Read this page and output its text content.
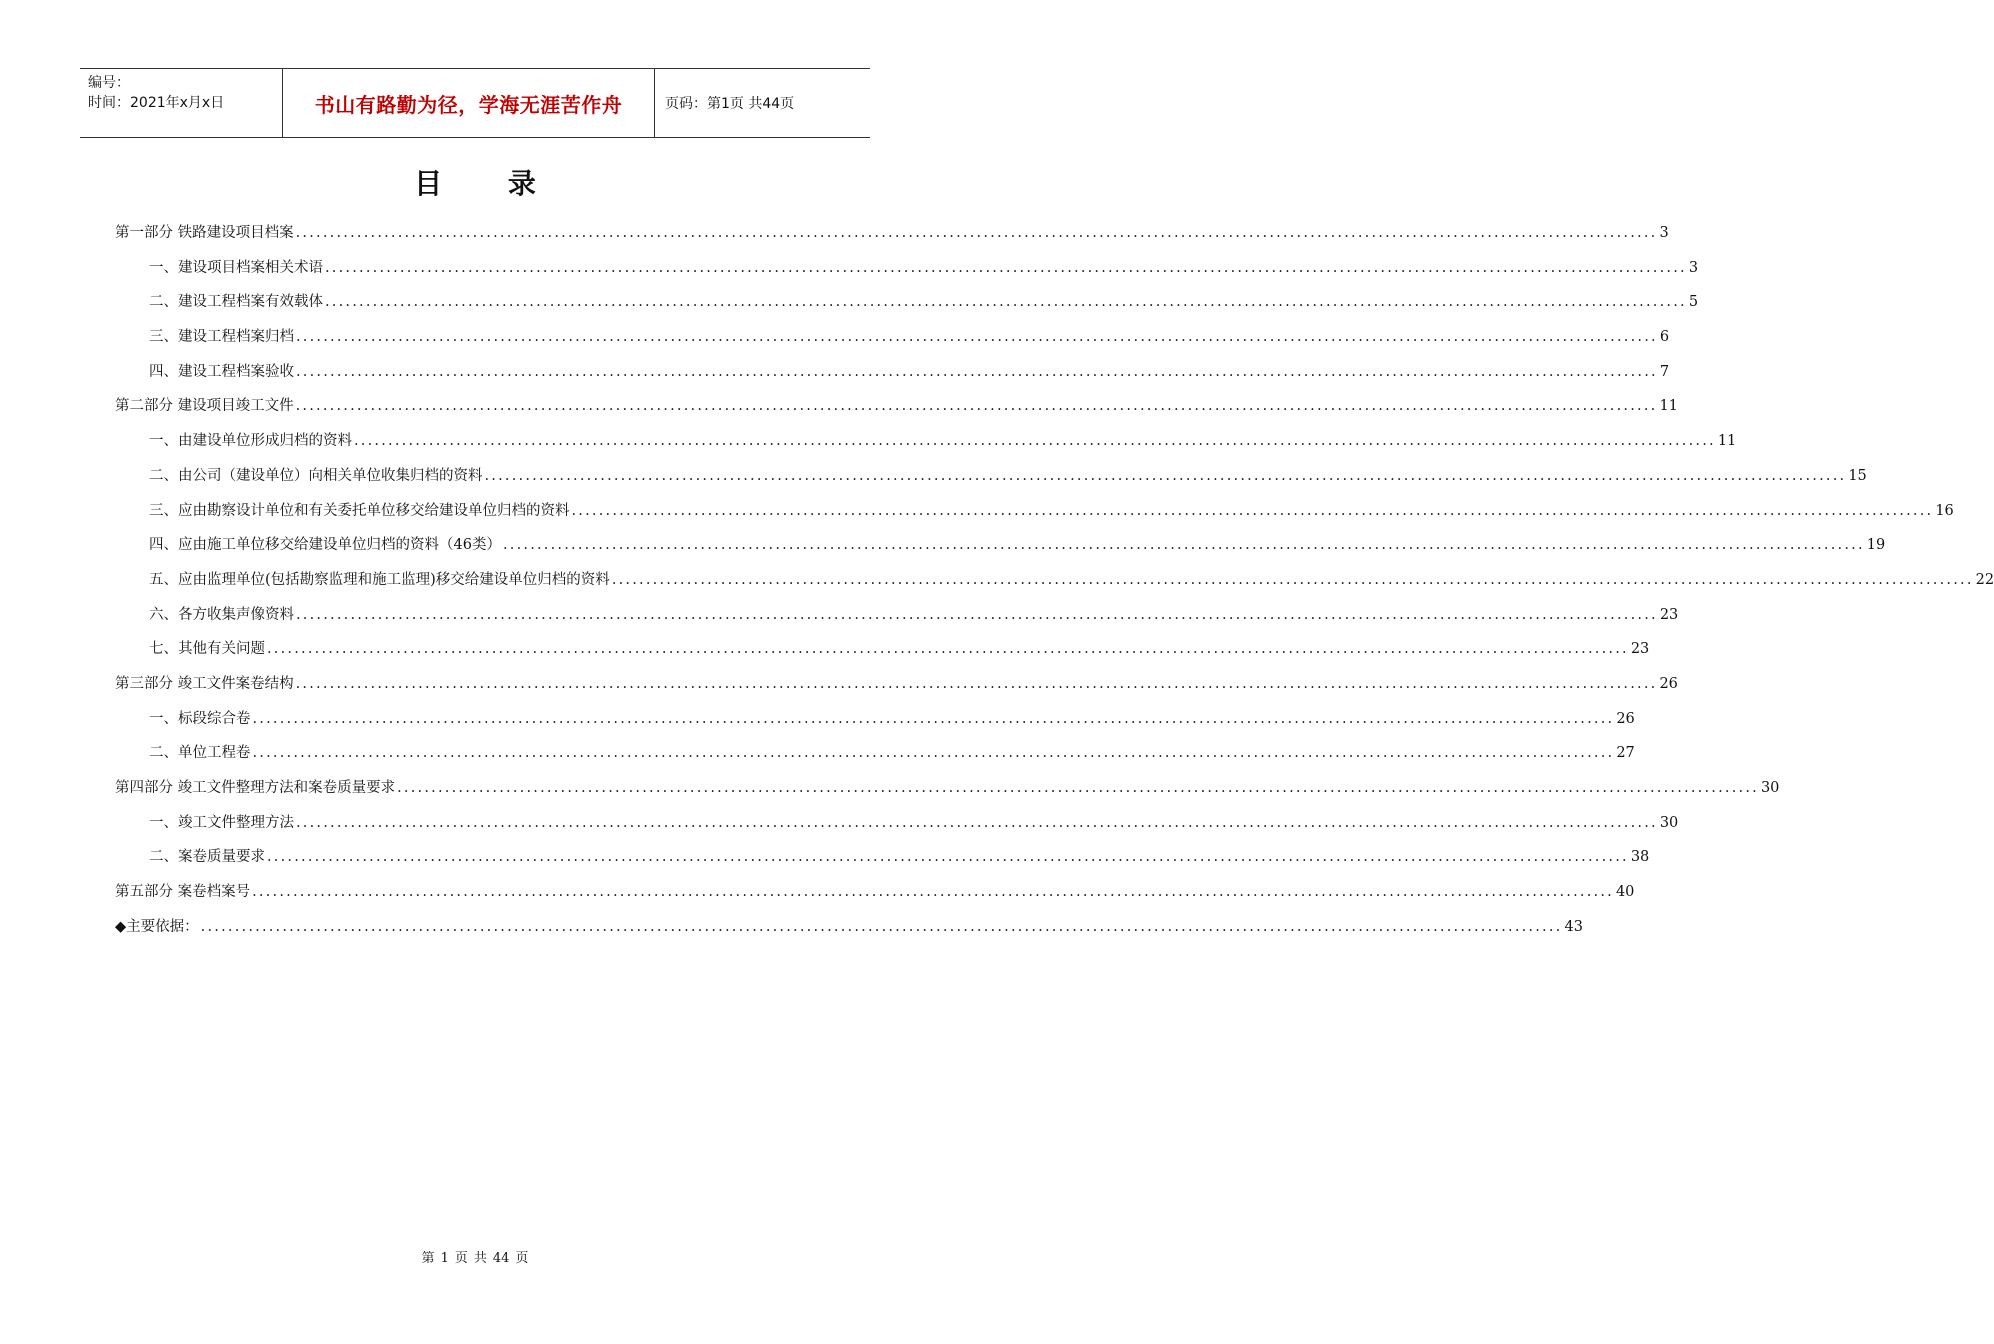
编号：
时间：2021年x月x日	书山有路勤为径，学海无涯苦作舟	页码：第1页 共44页
目 录
第一部分 铁路建设项目档案 ........................................................................................................................................................................................................ 3
一、建设项目档案相关术语 ........................................................................................................................................................................................................ 3
二、建设工程档案有效载体 ........................................................................................................................................................................................................ 5
三、建设工程档案归档 ........................................................................................................................................................................................................ 6
四、建设工程档案验收 ........................................................................................................................................................................................................ 7
第二部分 建设项目竣工文件 ........................................................................................................................................................................................................ 11
一、由建设单位形成归档的资料 ........................................................................................................................................................................................................ 11
二、由公司（建设单位）向相关单位收集归档的资料 ........................................................................................................................................................................................................ 15
三、应由勘察设计单位和有关委托单位移交给建设单位归档的资料 ........................................................................................................................................................................................................ 16
四、应由施工单位移交给建设单位归档的资料（46类） ........................................................................................................................................................................................................ 19
五、应由监理单位(包括勘察监理和施工监理)移交给建设单位归档的资料 ........................................................................................................................................................................................................ 22
六、各方收集声像资料 ........................................................................................................................................................................................................ 23
七、其他有关问题 ........................................................................................................................................................................................................ 23
第三部分 竣工文件案卷结构 ........................................................................................................................................................................................................ 26
一、标段综合卷 ........................................................................................................................................................................................................ 26
二、单位工程卷 ........................................................................................................................................................................................................ 27
第四部分 竣工文件整理方法和案卷质量要求 ........................................................................................................................................................................................................ 30
一、竣工文件整理方法 ........................................................................................................................................................................................................ 30
二、案卷质量要求 ........................................................................................................................................................................................................ 38
第五部分 案卷档案号 ........................................................................................................................................................................................................ 40
◆主要依据： ........................................................................................................................................................................................................ 43
第 1 页 共 44 页
